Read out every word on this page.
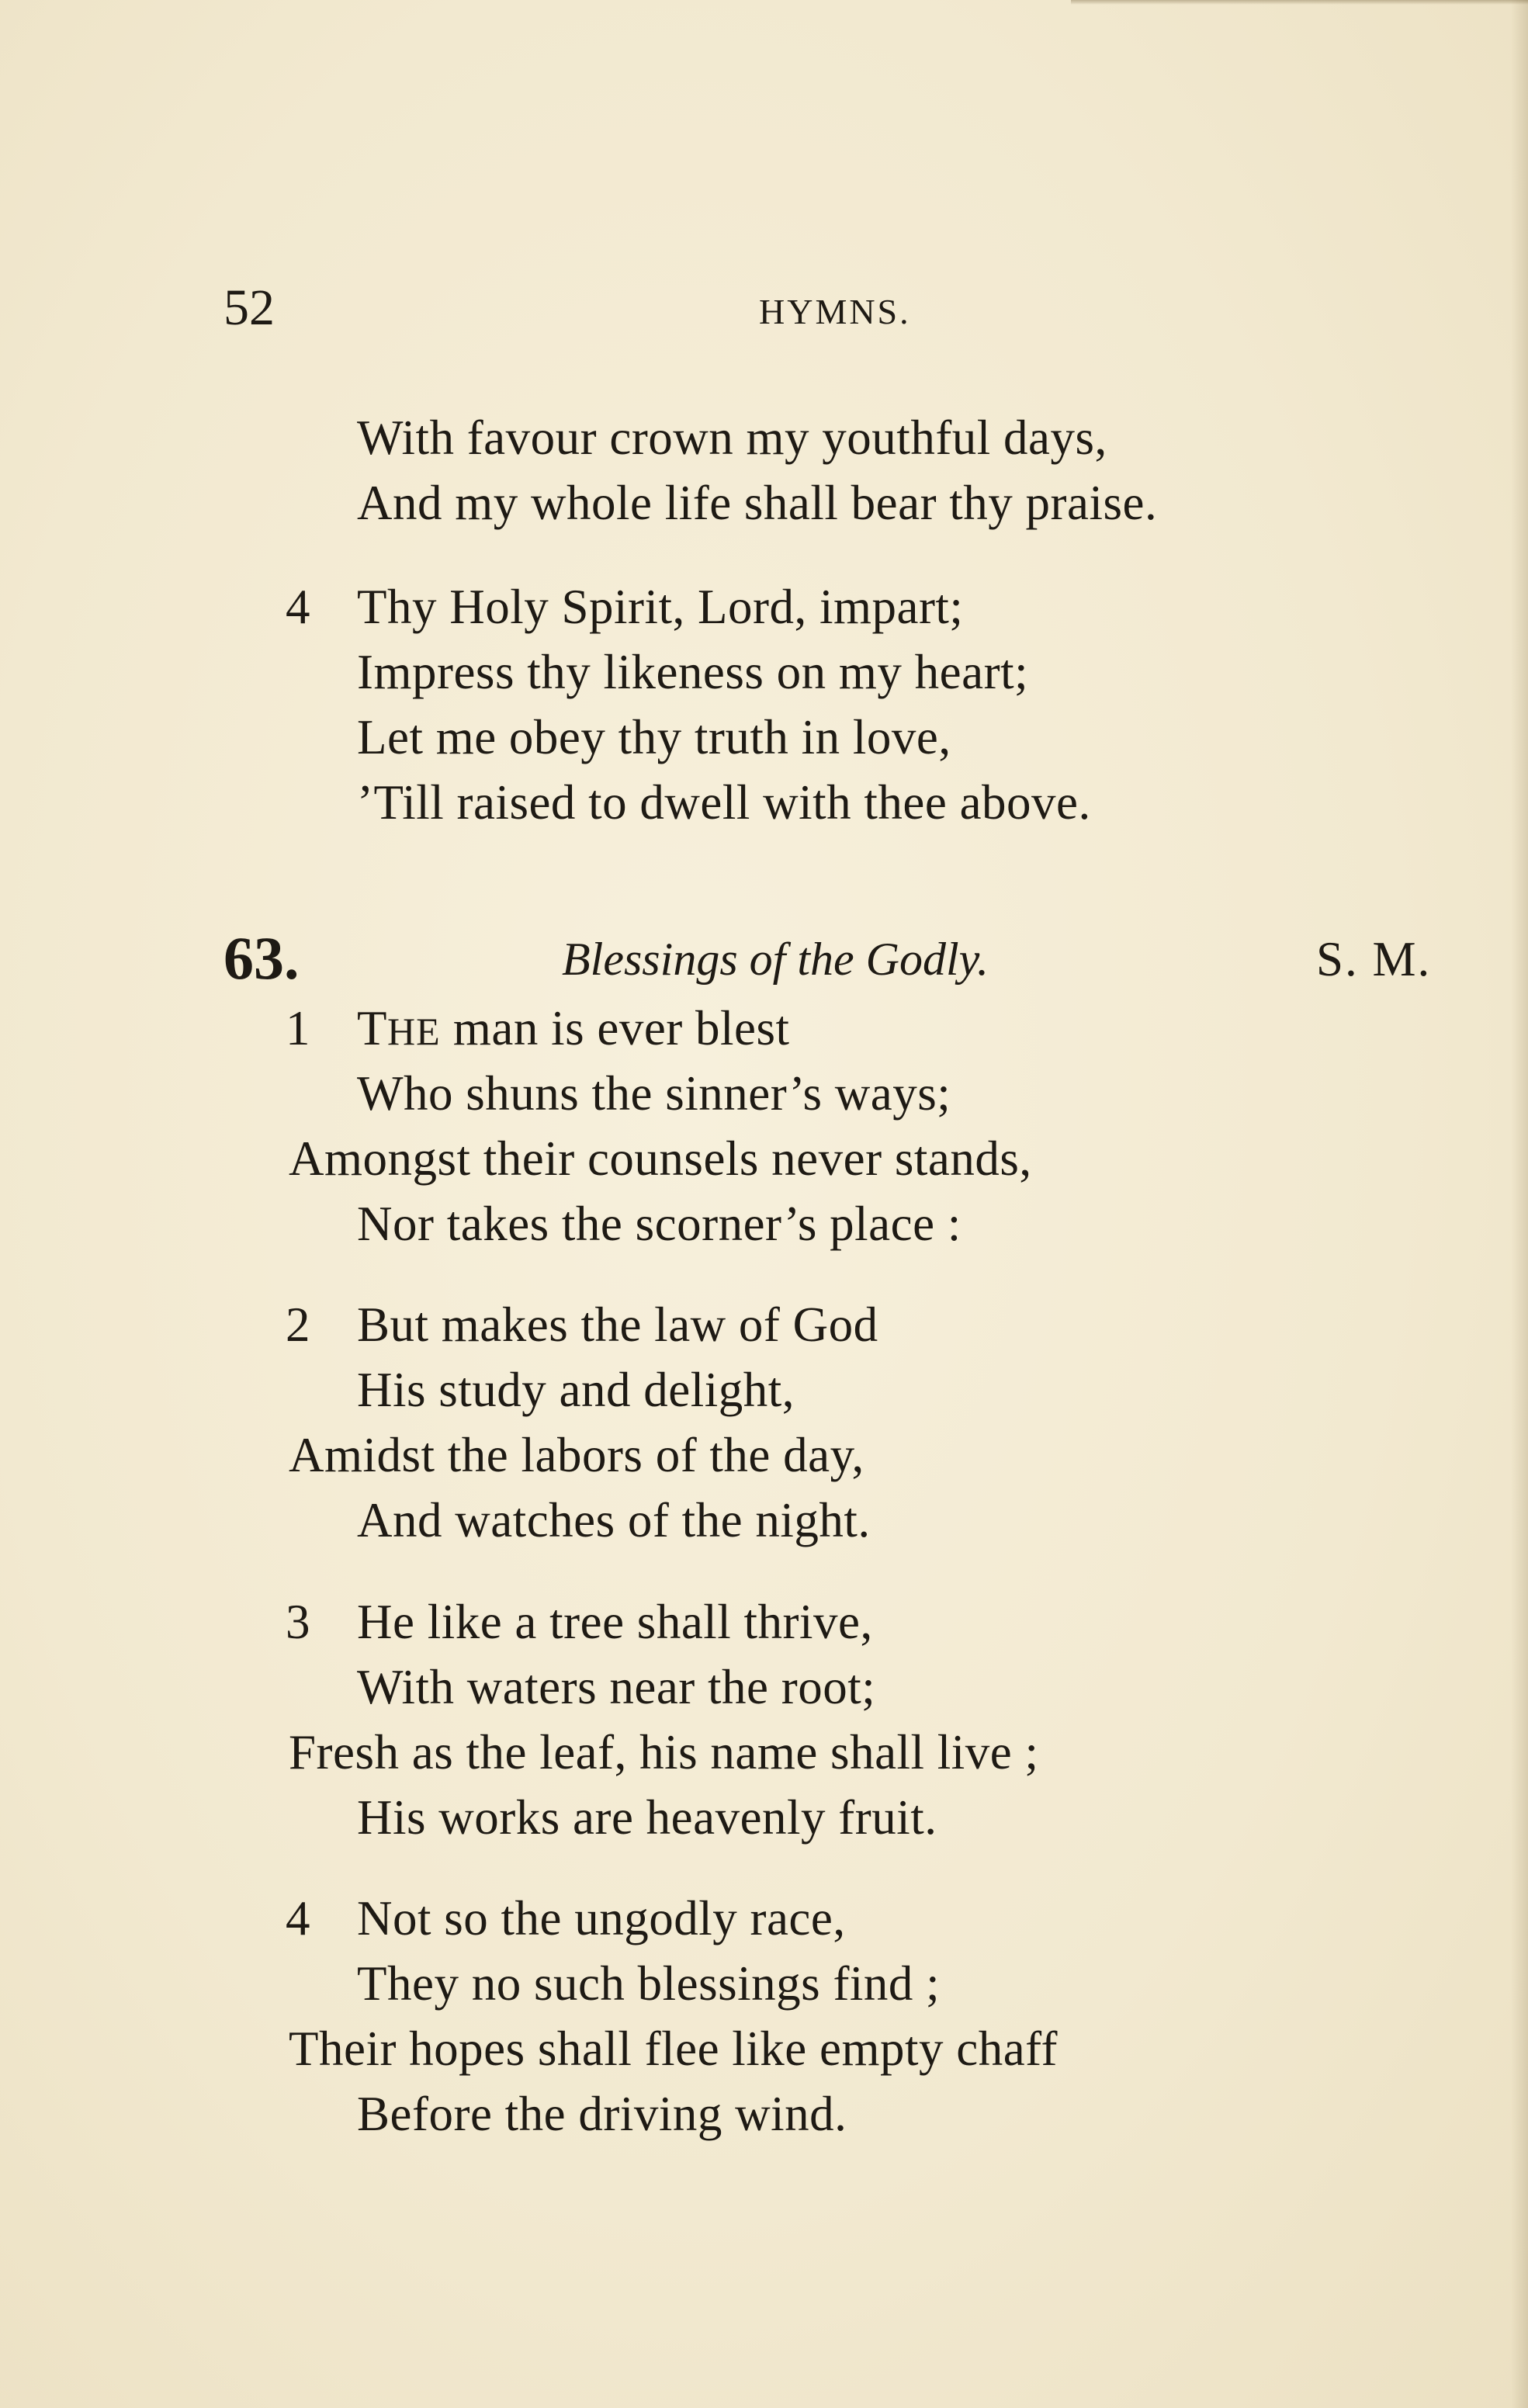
52	HYMNS.
With favour crown my youthful days,
And my whole life shall bear thy praise.
4 Thy Holy Spirit, Lord, impart;
Impress thy likeness on my heart;
Let me obey thy truth in love,
’Till raised to dwell with thee above.
63.	Blessings of the Godly.	S. M.
1 THE man is ever blest
Who shuns the sinner’s ways;
Amongst their counsels never stands,
Nor takes the scorner’s place :
2 But makes the law of God
His study and delight,
Amidst the labors of the day,
And watches of the night.
3 He like a tree shall thrive,
With waters near the root;
Fresh as the leaf, his name shall live ;
His works are heavenly fruit.
4 Not so the ungodly race,
They no such blessings find ;
Their hopes shall flee like empty chaff
Before the driving wind.
